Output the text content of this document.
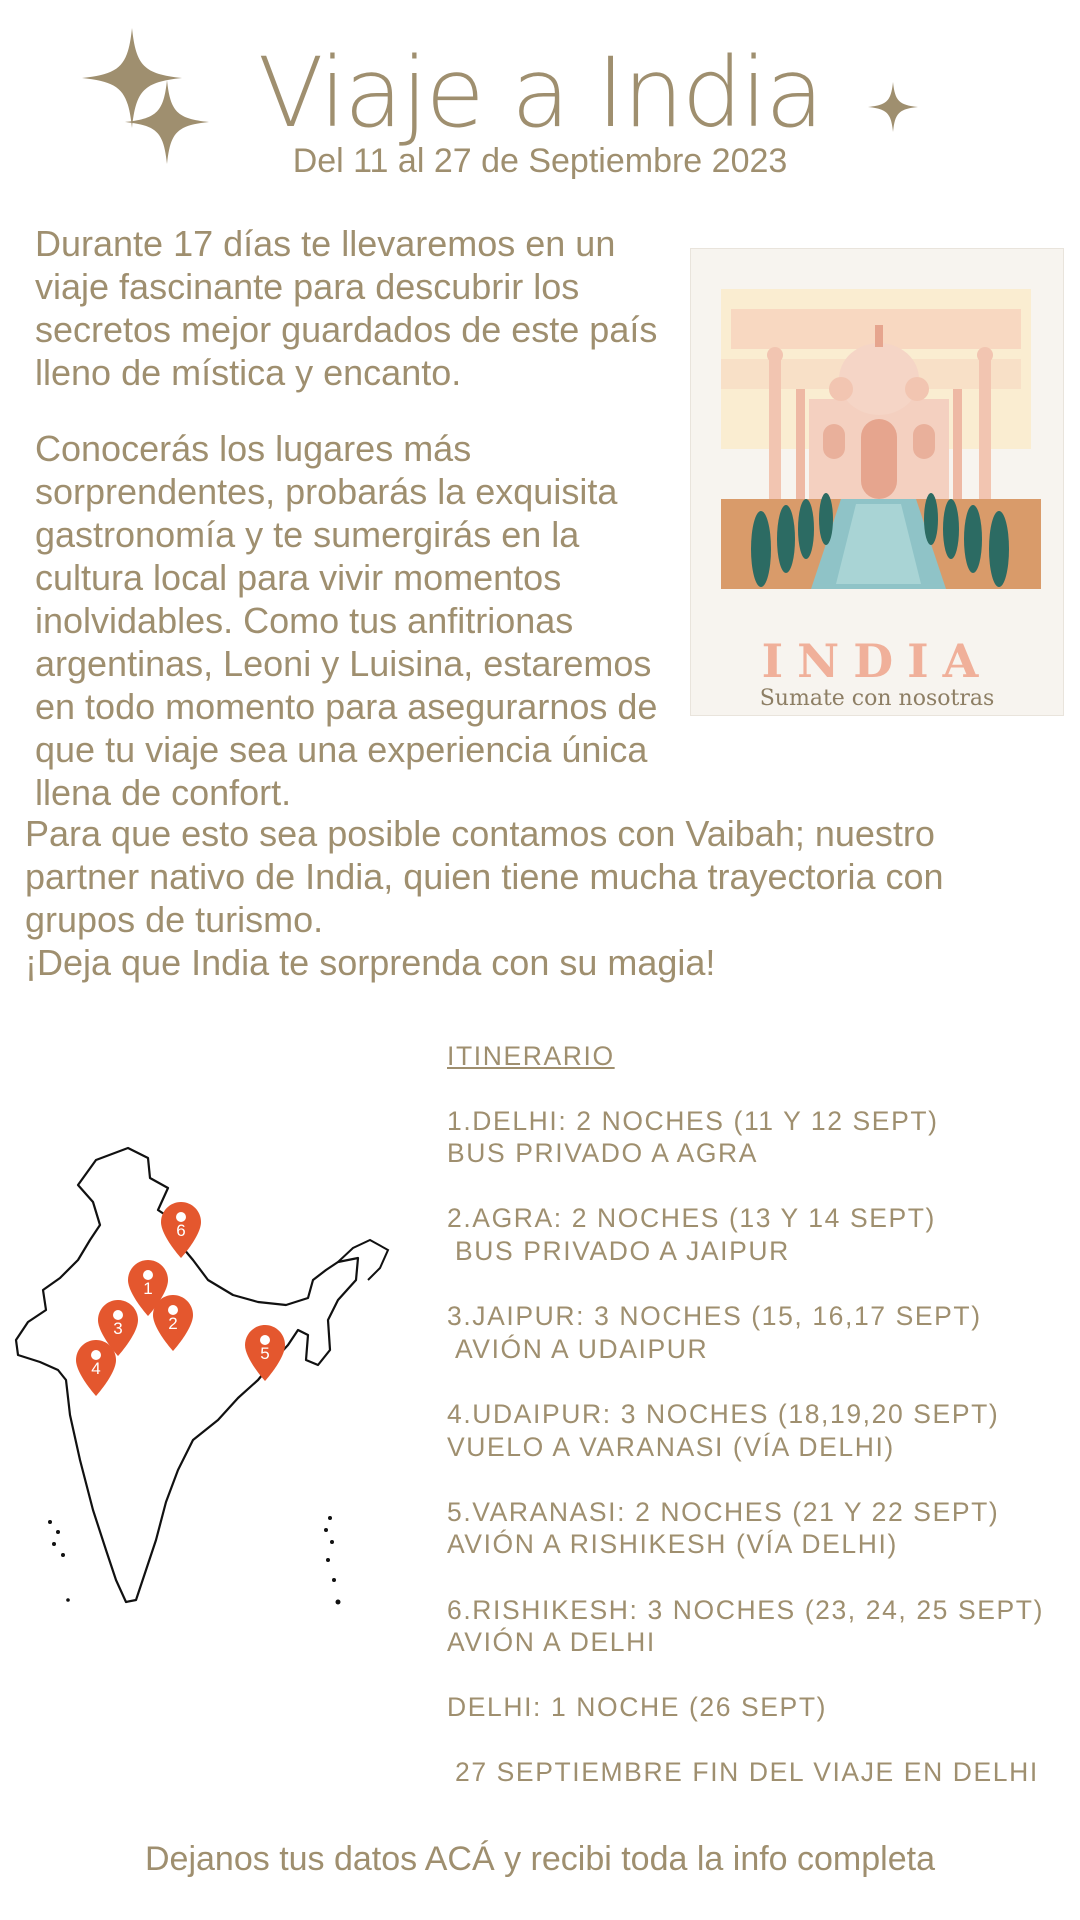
Viaje a India
Del 11 al 27 de Septiembre 2023

Durante 17 días te llevaremos en un viaje fascinante para descubrir los secretos mejor guardados de este país lleno de mística y encanto.

Conocerás los lugares más sorprendentes, probarás la exquisita gastronomía y te sumergirás en la cultura local para vivir momentos inolvidables. Como tus anfitrionas argentinas, Leoni y Luisina, estaremos en todo momento para asegurarnos de que tu viaje sea una experiencia única llena de confort.

Para que esto sea posible contamos con Vaibah; nuestro partner nativo de India, quien tiene mucha trayectoria con grupos de turismo.
¡Deja que India te sorprenda con su magia!
INDIA
Sumate con nosotras
6
1
2
3
4
5
ITINERARIO
1.DELHI: 2 NOCHES (11 Y 12 SEPT)
BUS PRIVADO A AGRA
2.AGRA: 2 NOCHES (13 Y 14 SEPT)
BUS PRIVADO A JAIPUR
3.JAIPUR: 3 NOCHES (15, 16,17 SEPT)
AVIÓN A UDAIPUR
4.UDAIPUR: 3 NOCHES (18,19,20 SEPT)
VUELO A VARANASI (VÍA DELHI)
5.VARANASI: 2 NOCHES (21 Y 22 SEPT)
AVIÓN A RISHIKESH (VÍA DELHI)
6.RISHIKESH: 3 NOCHES (23, 24, 25 SEPT)
AVIÓN A DELHI
DELHI: 1 NOCHE (26 SEPT)
27 SEPTIEMBRE FIN DEL VIAJE EN DELHI
Dejanos tus datos ACÁ y recibi toda la info completa
